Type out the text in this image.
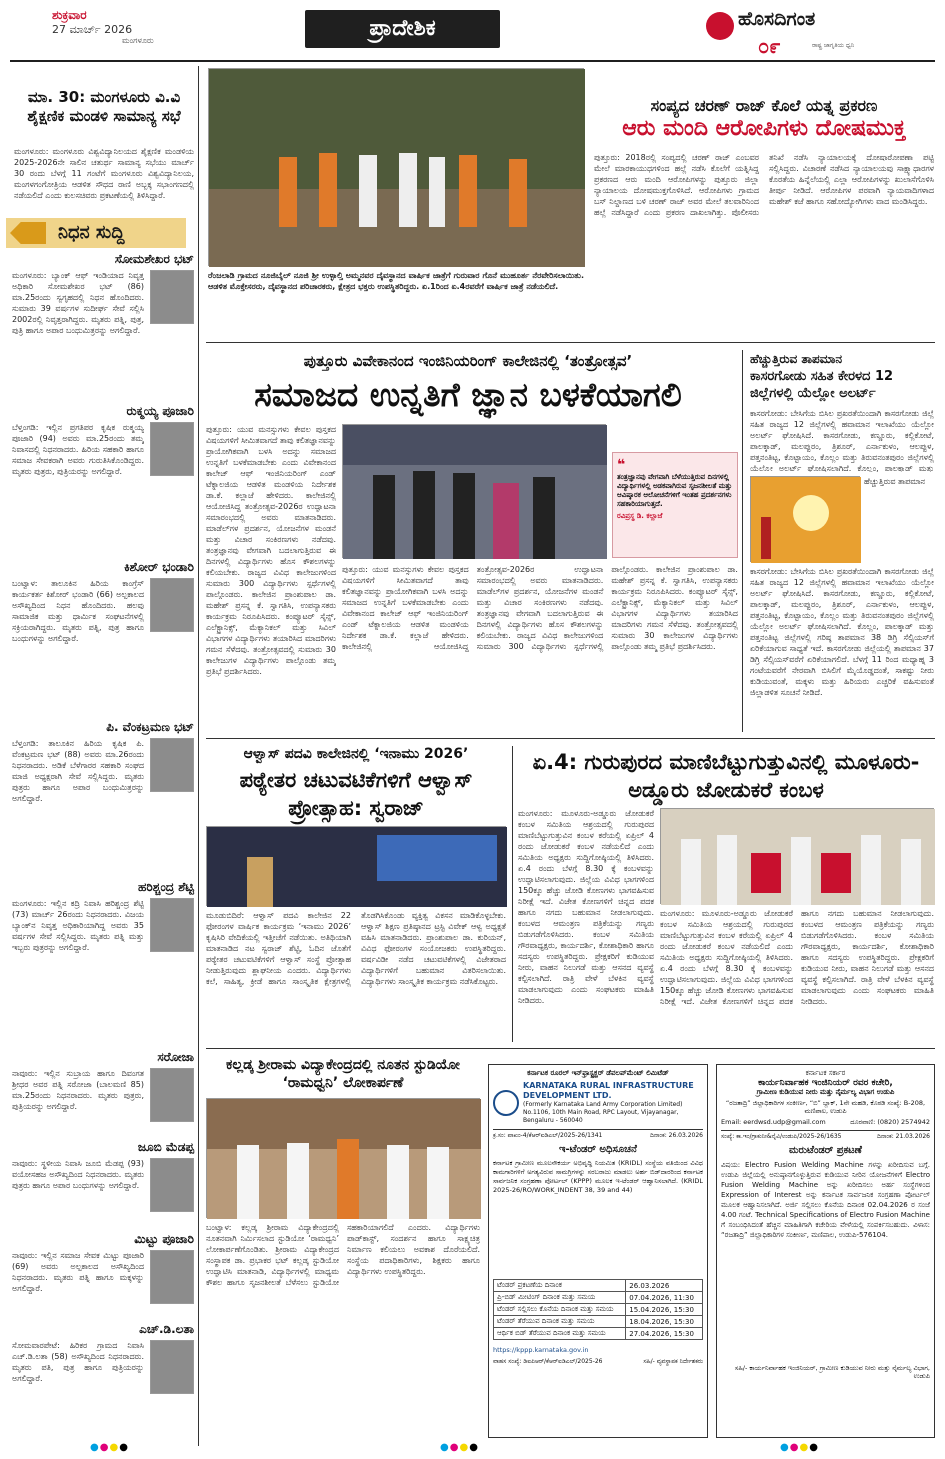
ಶುಕ್ರವಾರ
27 ಮಾರ್ಚ್ 2026
ಮಂಗಳೂರು	ಪ್ರಾದೇಶಿಕ	ಹೊಸದಿಗಂತ
೦೯	ರಾಷ್ಟ್ರ ಜಾಗೃತಿಯ ಧ್ವನಿ
ಮಾ. 30: ಮಂಗಳೂರು ವಿ.ವಿ ಶೈಕ್ಷಣಿಕ ಮಂಡಳಿ ಸಾಮಾನ್ಯ ಸಭೆ
ಮಂಗಳೂರು: ಮಂಗಳೂರು ವಿಶ್ವವಿದ್ಯಾನಿಲಯದ ಶೈಕ್ಷಣಿಕ ಮಂಡಳಿಯ 2025-2026ನೇ ಸಾಲಿನ ಚತುರ್ಥ ಸಾಮಾನ್ಯ ಸಭೆಯು ಮಾರ್ಚ್ 30 ರಂದು ಬೆಳಗ್ಗೆ 11 ಗಂಟೆಗೆ ಮಂಗಳೂರು ವಿಶ್ವವಿದ್ಯಾನಿಲಯ, ಮಂಗಳಗಂಗೋತ್ರಿಯ ಆಡಳಿತ ಸೌಧದ ರಾಣಿ ಅಬ್ಬಕ್ಕ ಸಭಾಂಗಣದಲ್ಲಿ ನಡೆಯಲಿದೆ ಎಂದು ಕುಲಸಚಿವರು ಪ್ರಕಟಣೆಯಲ್ಲಿ ತಿಳಿಸಿದ್ದಾರೆ.
ನಿಧನ ಸುದ್ದಿ
ಸೋಮಶೇಖರ ಭಟ್
ಮಂಗಳೂರು: ಬ್ಯಾಂಕ್ ಆಫ್ ಇಂಡಿಯಾದ ನಿವೃತ್ತ ಅಧಿಕಾರಿ ಸೋಮಶೇಖರ ಭಟ್ (86) ಮಾ.25ರಂದು ಸ್ವಗೃಹದಲ್ಲಿ ನಿಧನ ಹೊಂದಿದರು. ಸುಮಾರು 39 ವರ್ಷಗಳ ಸುದೀರ್ಘ ಸೇವೆ ಸಲ್ಲಿಸಿ 2002ರಲ್ಲಿ ನಿವೃತ್ತರಾಗಿದ್ದರು. ಮೃತರು ಪತ್ನಿ, ಪುತ್ರ, ಪುತ್ರಿ ಹಾಗೂ ಅಪಾರ ಬಂಧುಮಿತ್ರರನ್ನು ಅಗಲಿದ್ದಾರೆ.
ರುಕ್ಮಯ್ಯ ಪೂಜಾರಿ
ಬೆಳ್ತಂಗಡಿ: ಇಲ್ಲಿನ ಪ್ರಗತಿಪರ ಕೃಷಿಕ ರುಕ್ಮಯ್ಯ ಪೂಜಾರಿ (94) ಅವರು ಮಾ.25ರಂದು ತಮ್ಮ ನಿವಾಸದಲ್ಲಿ ನಿಧನರಾದರು. ಹಿರಿಯ ಸಹಕಾರಿ ಹಾಗೂ ಸಮಾಜ ಸೇವಕರಾಗಿ ಅವರು ಗುರುತಿಸಿಕೊಂಡಿದ್ದರು. ಮೃತರು ಪುತ್ರರು, ಪುತ್ರಿಯರನ್ನು ಅಗಲಿದ್ದಾರೆ.
ಕಿಶೋರ್ ಭಂಡಾರಿ
ಬಂಟ್ವಾಳ: ತಾಲೂಕಿನ ಹಿರಿಯ ಕಾಂಗ್ರೆಸ್ ಕಾರ್ಯಕರ್ತ ಕಿಶೋರ್ ಭಂಡಾರಿ (66) ಅಲ್ಪಕಾಲದ ಅಸೌಖ್ಯದಿಂದ ನಿಧನ ಹೊಂದಿದರು. ಹಲವು ಸಾಮಾಜಿಕ ಮತ್ತು ಧಾರ್ಮಿಕ ಸಂಘಟನೆಗಳಲ್ಲಿ ಸಕ್ರಿಯರಾಗಿದ್ದರು. ಮೃತರು ಪತ್ನಿ, ಪುತ್ರ ಹಾಗೂ ಬಂಧುಗಳನ್ನು ಅಗಲಿದ್ದಾರೆ.
ಪಿ. ವೆಂಕಟ್ರಮಣ ಭಟ್
ಬೆಳ್ತಂಗಡಿ: ತಾಲೂಕಿನ ಹಿರಿಯ ಕೃಷಿಕ ಪಿ. ವೆಂಕಟ್ರಮಣ ಭಟ್ (88) ಅವರು ಮಾ.26ರಂದು ನಿಧನರಾದರು. ಅಡಿಕೆ ಬೆಳೆಗಾರರ ಸಹಕಾರಿ ಸಂಘದ ಮಾಜಿ ಅಧ್ಯಕ್ಷರಾಗಿ ಸೇವೆ ಸಲ್ಲಿಸಿದ್ದರು. ಮೃತರು ಪುತ್ರರು ಹಾಗೂ ಅಪಾರ ಬಂಧುಮಿತ್ರರನ್ನು ಅಗಲಿದ್ದಾರೆ.
ಹರಿಶ್ಚಂದ್ರ ಶೆಟ್ಟಿ
ಮಂಗಳೂರು: ಇಲ್ಲಿನ ಕದ್ರಿ ನಿವಾಸಿ ಹರಿಶ್ಚಂದ್ರ ಶೆಟ್ಟಿ (73) ಮಾರ್ಚ್ 26ರಂದು ನಿಧನರಾದರು. ವಿಜಯ ಬ್ಯಾಂಕ್‌ನ ನಿವೃತ್ತ ಅಧಿಕಾರಿಯಾಗಿದ್ದ ಅವರು 35 ವರ್ಷಗಳ ಸೇವೆ ಸಲ್ಲಿಸಿದ್ದರು. ಮೃತರು ಪತ್ನಿ ಮತ್ತು ಇಬ್ಬರು ಪುತ್ರರನ್ನು ಅಗಲಿದ್ದಾರೆ.
ಸರೋಜಾ
ನಾವೂರು: ಇಲ್ಲಿನ ಸುಬ್ರಾಯ ಹಾಗೂ ದಿವಂಗತ ಶ್ರೀಧರ ಅವರ ಪತ್ನಿ ಸರೋಜಾ (ಬಾಲಮಣಿ 85) ಮಾ.25ರಂದು ನಿಧನರಾದರು. ಮೃತರು ಪುತ್ರರು, ಪುತ್ರಿಯರನ್ನು ಅಗಲಿದ್ದಾರೆ.
ಜೂಬಿ ಮೆಡಪ್ಪ
ನಾವೂರು: ಸ್ಥಳೀಯ ನಿವಾಸಿ ಜೂಬಿ ಮೆಡಪ್ಪ (93) ವಯೋಸಹಜ ಅಸೌಖ್ಯದಿಂದ ನಿಧನರಾದರು. ಮೃತರು ಪುತ್ರರು ಹಾಗೂ ಅಪಾರ ಬಂಧುಗಳನ್ನು ಅಗಲಿದ್ದಾರೆ.
ಮಿಟ್ಟು ಪೂಜಾರಿ
ನಾವೂರು: ಇಲ್ಲಿನ ಸಮಾಜ ಸೇವಕ ಮಿಟ್ಟು ಪೂಜಾರಿ (69) ಅವರು ಅಲ್ಪಕಾಲದ ಅಸೌಖ್ಯದಿಂದ ನಿಧನರಾದರು. ಮೃತರು ಪತ್ನಿ ಹಾಗೂ ಮಕ್ಕಳನ್ನು ಅಗಲಿದ್ದಾರೆ.
ಎಚ್.ಡಿ.ಲತಾ
ಸೋಮವಾರಪೇಟೆ: ಹಿರಿಕರ ಗ್ರಾಮದ ನಿವಾಸಿ ಎಚ್.ಡಿ.ಲತಾ (58) ಅಸೌಖ್ಯದಿಂದ ನಿಧನರಾದರು. ಮೃತರು ಪತಿ, ಪುತ್ರ ಹಾಗೂ ಪುತ್ರಿಯರನ್ನು ಅಗಲಿದ್ದಾರೆ.
ರೆಂಜಲಾಡಿ ಗ್ರಾಮದ ನೂಜಿಬೈಲ್ ನೂಜಿ ಶ್ರೀ ಉಳ್ಳಾಲ್ತಿ ಅಮ್ಮನವರ ದೈವಸ್ಥಾನದ ವಾರ್ಷಿಕ ಜಾತ್ರೆಗೆ ಗುರುವಾರ ಗೊನೆ ಮುಹೂರ್ತ ನೆರವೇರಿಸಲಾಯಿತು. ಆಡಳಿತ ಮೊಕ್ತೇಸರರು, ದೈವಸ್ಥಾನದ ಪರಿಚಾರಕರು, ಕ್ಷೇತ್ರದ ಭಕ್ತರು ಉಪಸ್ಥಿತರಿದ್ದರು. ಏ.1ರಿಂದ ಏ.4ರವರೆಗೆ ವಾರ್ಷಿಕ ಜಾತ್ರೆ ನಡೆಯಲಿದೆ.
ಸಂಪ್ಯದ ಚರಣ್ ರಾಜ್ ಕೊಲೆ ಯತ್ನ ಪ್ರಕರಣ
ಆರು ಮಂದಿ ಆರೋಪಿಗಳು ದೋಷಮುಕ್ತ
ಪುತ್ತೂರು: 2018ರಲ್ಲಿ ಸಂಪ್ಯದಲ್ಲಿ ಚರಣ್ ರಾಜ್ ಎಂಬವರ ಮೇಲೆ ಮಾರಕಾಯುಧಗಳಿಂದ ಹಲ್ಲೆ ನಡೆಸಿ ಕೊಲೆಗೆ ಯತ್ನಿಸಿದ್ದ ಪ್ರಕರಣದ ಆರು ಮಂದಿ ಆರೋಪಿಗಳನ್ನು ಪುತ್ತೂರು ಜಿಲ್ಲಾ ನ್ಯಾಯಾಲಯ ದೋಷಮುಕ್ತಗೊಳಿಸಿದೆ. ಆರೋಪಿಗಳು ಗ್ರಾಮದ ಬಸ್ ನಿಲ್ದಾಣದ ಬಳಿ ಚರಣ್ ರಾಜ್ ಅವರ ಮೇಲೆ ತಲವಾರಿನಿಂದ ಹಲ್ಲೆ ನಡೆಸಿದ್ದಾರೆ ಎಂದು ಪ್ರಕರಣ ದಾಖಲಾಗಿತ್ತು. ಪೊಲೀಸರು ತನಿಖೆ ನಡೆಸಿ ನ್ಯಾಯಾಲಯಕ್ಕೆ ದೋಷಾರೋಪಣಾ ಪಟ್ಟಿ ಸಲ್ಲಿಸಿದ್ದರು. ವಿಚಾರಣೆ ನಡೆಸಿದ ನ್ಯಾಯಾಲಯವು ಸಾಕ್ಷ್ಯಾಧಾರಗಳ ಕೊರತೆಯ ಹಿನ್ನೆಲೆಯಲ್ಲಿ ಎಲ್ಲಾ ಆರೋಪಿಗಳನ್ನು ಖುಲಾಸೆಗೊಳಿಸಿ ತೀರ್ಪು ನೀಡಿದೆ. ಆರೋಪಿಗಳ ಪರವಾಗಿ ನ್ಯಾಯವಾದಿಗಳಾದ ಮಹೇಶ್ ಕಜೆ ಹಾಗೂ ಸಹೋದ್ಯೋಗಿಗಳು ವಾದ ಮಂಡಿಸಿದ್ದರು.
ಪುತ್ತೂರು ವಿವೇಕಾನಂದ ಇಂಜಿನಿಯರಿಂಗ್ ಕಾಲೇಜಿನಲ್ಲಿ ‘ತಂತ್ರೋತ್ಸವ’
ಸಮಾಜದ ಉನ್ನತಿಗೆ ಜ್ಞಾನ ಬಳಕೆಯಾಗಲಿ
ಪುತ್ತೂರು: ಯುವ ಮನಸ್ಸುಗಳು ಕೇವಲ ಪುಸ್ತಕದ ವಿಷಯಗಳಿಗೆ ಸೀಮಿತವಾಗದೆ ತಾವು ಕಲಿತಜ್ಞಾನವನ್ನು ಪ್ರಾಯೋಗಿಕವಾಗಿ ಬಳಸಿ ಅದನ್ನು ಸಮಾಜದ ಉನ್ನತಿಗೆ ಬಳಕೆಮಾಡಬೇಕು ಎಂದು ವಿವೇಕಾನಂದ ಕಾಲೇಜ್ ಆಫ್ ಇಂಜಿನಿಯರಿಂಗ್ ಎಂಡ್ ಟೆಕ್ನಾಲಜಿಯ ಆಡಳಿತ ಮಂಡಳಿಯ ನಿರ್ದೇಶಕ ಡಾ.ಕೆ. ಕಲ್ಲಾಜೆ ಹೇಳಿದರು. ಕಾಲೇಜಿನಲ್ಲಿ ಆಯೋಜಿಸಿದ್ದ ತಂತ್ರೋತ್ಸವ-2026ರ ಉದ್ಘಾಟನಾ ಸಮಾರಂಭದಲ್ಲಿ ಅವರು ಮಾತನಾಡಿದರು. ಮಾಡೆಲ್‌ಗಳ ಪ್ರದರ್ಶನ, ಯೋಜನೆಗಳ ಮಂಡನೆ ಮತ್ತು ವಿಚಾರ ಸಂಕಿರಣಗಳು ನಡೆದವು. ತಂತ್ರಜ್ಞಾನವು ವೇಗವಾಗಿ ಬದಲಾಗುತ್ತಿರುವ ಈ ದಿನಗಳಲ್ಲಿ ವಿದ್ಯಾರ್ಥಿಗಳು ಹೊಸ ಕೌಶಲಗಳನ್ನು ಕಲಿಯಬೇಕು. ರಾಜ್ಯದ ವಿವಿಧ ಕಾಲೇಜುಗಳಿಂದ ಸುಮಾರು 300 ವಿದ್ಯಾರ್ಥಿಗಳು ಸ್ಪರ್ಧೆಗಳಲ್ಲಿ ಪಾಲ್ಗೊಂಡರು. ಕಾಲೇಜಿನ ಪ್ರಾಂಶುಪಾಲ ಡಾ. ಮಹೇಶ್ ಪ್ರಸನ್ನ ಕೆ. ಸ್ವಾಗತಿಸಿ, ಉಪನ್ಯಾಸಕರು ಕಾರ್ಯಕ್ರಮ ನಿರೂಪಿಸಿದರು. ಕಂಪ್ಯೂಟರ್ ಸೈನ್ಸ್, ಎಲೆಕ್ಟ್ರಾನಿಕ್ಸ್, ಮೆಕ್ಯಾನಿಕಲ್ ಮತ್ತು ಸಿವಿಲ್ ವಿಭಾಗಗಳ ವಿದ್ಯಾರ್ಥಿಗಳು ತಯಾರಿಸಿದ ಮಾದರಿಗಳು ಗಮನ ಸೆಳೆದವು. ತಂತ್ರೋತ್ಸವದಲ್ಲಿ ಸುಮಾರು 30 ಕಾಲೇಜುಗಳ ವಿದ್ಯಾರ್ಥಿಗಳು ಪಾಲ್ಗೊಂಡು ತಮ್ಮ ಪ್ರತಿಭೆ ಪ್ರದರ್ಶಿಸಿದರು.
❝
ತಂತ್ರಜ್ಞಾನವು ವೇಗವಾಗಿ ಬೆಳೆಯುತ್ತಿರುವ ದಿನಗಳಲ್ಲಿ ವಿದ್ಯಾರ್ಥಿಗಳಲ್ಲಿ ಅಡಕವಾಗಿರುವ ಸೃಜನಶೀಲತೆ ಮತ್ತು ಆವಿಷ್ಕಾರಕ ಆಲೋಚನೆಗಳಿಗೆ ಇಂತಹ ಪ್ರದರ್ಶನಗಳು ಸಹಕಾರಿಯಾಗುತ್ತದೆ.
ರವಿಪ್ರಸ್ಥ ಡಿ. ಕಲ್ಲಾಜೆ
ಪುತ್ತೂರು: ಯುವ ಮನಸ್ಸುಗಳು ಕೇವಲ ಪುಸ್ತಕದ ವಿಷಯಗಳಿಗೆ ಸೀಮಿತವಾಗದೆ ತಾವು ಕಲಿತಜ್ಞಾನವನ್ನು ಪ್ರಾಯೋಗಿಕವಾಗಿ ಬಳಸಿ ಅದನ್ನು ಸಮಾಜದ ಉನ್ನತಿಗೆ ಬಳಕೆಮಾಡಬೇಕು ಎಂದು ವಿವೇಕಾನಂದ ಕಾಲೇಜ್ ಆಫ್ ಇಂಜಿನಿಯರಿಂಗ್ ಎಂಡ್ ಟೆಕ್ನಾಲಜಿಯ ಆಡಳಿತ ಮಂಡಳಿಯ ನಿರ್ದೇಶಕ ಡಾ.ಕೆ. ಕಲ್ಲಾಜೆ ಹೇಳಿದರು. ಕಾಲೇಜಿನಲ್ಲಿ ಆಯೋಜಿಸಿದ್ದ ತಂತ್ರೋತ್ಸವ-2026ರ ಉದ್ಘಾಟನಾ ಸಮಾರಂಭದಲ್ಲಿ ಅವರು ಮಾತನಾಡಿದರು. ಮಾಡೆಲ್‌ಗಳ ಪ್ರದರ್ಶನ, ಯೋಜನೆಗಳ ಮಂಡನೆ ಮತ್ತು ವಿಚಾರ ಸಂಕಿರಣಗಳು ನಡೆದವು. ತಂತ್ರಜ್ಞಾನವು ವೇಗವಾಗಿ ಬದಲಾಗುತ್ತಿರುವ ಈ ದಿನಗಳಲ್ಲಿ ವಿದ್ಯಾರ್ಥಿಗಳು ಹೊಸ ಕೌಶಲಗಳನ್ನು ಕಲಿಯಬೇಕು. ರಾಜ್ಯದ ವಿವಿಧ ಕಾಲೇಜುಗಳಿಂದ ಸುಮಾರು 300 ವಿದ್ಯಾರ್ಥಿಗಳು ಸ್ಪರ್ಧೆಗಳಲ್ಲಿ ಪಾಲ್ಗೊಂಡರು. ಕಾಲೇಜಿನ ಪ್ರಾಂಶುಪಾಲ ಡಾ. ಮಹೇಶ್ ಪ್ರಸನ್ನ ಕೆ. ಸ್ವಾಗತಿಸಿ, ಉಪನ್ಯಾಸಕರು ಕಾರ್ಯಕ್ರಮ ನಿರೂಪಿಸಿದರು. ಕಂಪ್ಯೂಟರ್ ಸೈನ್ಸ್, ಎಲೆಕ್ಟ್ರಾನಿಕ್ಸ್, ಮೆಕ್ಯಾನಿಕಲ್ ಮತ್ತು ಸಿವಿಲ್ ವಿಭಾಗಗಳ ವಿದ್ಯಾರ್ಥಿಗಳು ತಯಾರಿಸಿದ ಮಾದರಿಗಳು ಗಮನ ಸೆಳೆದವು. ತಂತ್ರೋತ್ಸವದಲ್ಲಿ ಸುಮಾರು 30 ಕಾಲೇಜುಗಳ ವಿದ್ಯಾರ್ಥಿಗಳು ಪಾಲ್ಗೊಂಡು ತಮ್ಮ ಪ್ರತಿಭೆ ಪ್ರದರ್ಶಿಸಿದರು.
ಹೆಚ್ಚುತ್ತಿರುವ ತಾಪಮಾನ
ಕಾಸರಗೋಡು ಸಹಿತ ಕೇರಳದ 12 ಜಿಲ್ಲೆಗಳಲ್ಲಿ ಯೆಲ್ಲೋ ಅಲರ್ಟ್
ಕಾಸರಗೋಡು: ಬೇಸಿಗೆಯ ಬಿಸಿಲ ಪ್ರಖರತೆಯಿಂದಾಗಿ ಕಾಸರಗೋಡು ಜಿಲ್ಲೆ ಸಹಿತ ರಾಜ್ಯದ 12 ಜಿಲ್ಲೆಗಳಲ್ಲಿ ಹವಾಮಾನ ಇಲಾಖೆಯು ಯೆಲ್ಲೋ ಅಲರ್ಟ್ ಘೋಷಿಸಿದೆ. ಕಾಸರಗೋಡು, ಕಣ್ಣೂರು, ಕಲ್ಲಿಕೋಟೆ, ಪಾಲಕ್ಕಾಡ್, ಮಲಪ್ಪುರಂ, ತ್ರಿಶೂರ್, ಎರ್ನಾಕುಳಂ, ಆಲಪ್ಪುಳ, ಪತ್ತನಂತಿಟ್ಟ, ಕೊಟ್ಟಾಯಂ, ಕೊಲ್ಲಂ ಮತ್ತು ತಿರುವನಂತಪುರಂ ಜಿಲ್ಲೆಗಳಲ್ಲಿ ಯೆಲ್ಲೋ ಅಲರ್ಟ್ ಘೋಷಿಸಲಾಗಿದೆ. ಕೊಲ್ಲಂ, ಪಾಲಕ್ಕಾಡ್ ಮತ್ತು
ಹೆಚ್ಚುತ್ತಿರುವ ತಾಪಮಾನ
ಕಾಸರಗೋಡು: ಬೇಸಿಗೆಯ ಬಿಸಿಲ ಪ್ರಖರತೆಯಿಂದಾಗಿ ಕಾಸರಗೋಡು ಜಿಲ್ಲೆ ಸಹಿತ ರಾಜ್ಯದ 12 ಜಿಲ್ಲೆಗಳಲ್ಲಿ ಹವಾಮಾನ ಇಲಾಖೆಯು ಯೆಲ್ಲೋ ಅಲರ್ಟ್ ಘೋಷಿಸಿದೆ. ಕಾಸರಗೋಡು, ಕಣ್ಣೂರು, ಕಲ್ಲಿಕೋಟೆ, ಪಾಲಕ್ಕಾಡ್, ಮಲಪ್ಪುರಂ, ತ್ರಿಶೂರ್, ಎರ್ನಾಕುಳಂ, ಆಲಪ್ಪುಳ, ಪತ್ತನಂತಿಟ್ಟ, ಕೊಟ್ಟಾಯಂ, ಕೊಲ್ಲಂ ಮತ್ತು ತಿರುವನಂತಪುರಂ ಜಿಲ್ಲೆಗಳಲ್ಲಿ ಯೆಲ್ಲೋ ಅಲರ್ಟ್ ಘೋಷಿಸಲಾಗಿದೆ. ಕೊಲ್ಲಂ, ಪಾಲಕ್ಕಾಡ್ ಮತ್ತು ಪತ್ತನಂತಿಟ್ಟ ಜಿಲ್ಲೆಗಳಲ್ಲಿ ಗರಿಷ್ಠ ತಾಪಮಾನ 38 ಡಿಗ್ರಿ ಸೆಲ್ಸಿಯಸ್‌ಗೆ ಏರಿಕೆಯಾಗುವ ಸಾಧ್ಯತೆ ಇದೆ. ಕಾಸರಗೋಡು ಜಿಲ್ಲೆಯಲ್ಲಿ ತಾಪಮಾನ 37 ಡಿಗ್ರಿ ಸೆಲ್ಸಿಯಸ್‌ವರೆಗೆ ಏರಿಕೆಯಾಗಲಿದೆ. ಬೆಳಗ್ಗೆ 11 ರಿಂದ ಮಧ್ಯಾಹ್ನ 3 ಗಂಟೆಯವರೆಗೆ ನೇರವಾಗಿ ಬಿಸಿಲಿಗೆ ಮೈಯೊಡ್ಡದಂತೆ, ಸಾಕಷ್ಟು ನೀರು ಕುಡಿಯುವಂತೆ, ಮಕ್ಕಳು ಮತ್ತು ಹಿರಿಯರು ಎಚ್ಚರಿಕೆ ವಹಿಸುವಂತೆ ಜಿಲ್ಲಾಡಳಿತ ಸೂಚನೆ ನೀಡಿದೆ.
ಆಳ್ವಾಸ್ ಪದವಿ ಕಾಲೇಜಿನಲ್ಲಿ ‘ಇನಾಮು 2026’
ಪಠ್ಯೇತರ ಚಟುವಟಿಕೆಗಳಿಗೆ ಆಳ್ವಾಸ್ ಪ್ರೋತ್ಸಾಹ: ಸ್ವರಾಜ್
ಮೂಡುಬಿದಿರೆ: ಆಳ್ವಾಸ್ ಪದವಿ ಕಾಲೇಜಿನ 22 ಫೋರಂಗಳ ವಾರ್ಷಿಕ ಕಾರ್ಯಕ್ರಮ ‘ಇನಾಮು 2026’ ಕೃಷಿಸಿರಿ ವೇದಿಕೆಯಲ್ಲಿ ಇತ್ತೀಚೆಗೆ ನಡೆಯಿತು. ಅತಿಥಿಯಾಗಿ ಮಾತನಾಡಿದ ನಟ ಸ್ವರಾಜ್ ಶೆಟ್ಟಿ, ಓದಿನ ಜೊತೆಗೆ ಪಠ್ಯೇತರ ಚಟುವಟಿಕೆಗಳಿಗೆ ಆಳ್ವಾಸ್ ಸಂಸ್ಥೆ ಪ್ರೋತ್ಸಾಹ ನೀಡುತ್ತಿರುವುದು ಶ್ಲಾಘನೀಯ ಎಂದರು. ವಿದ್ಯಾರ್ಥಿಗಳು ಕಲೆ, ಸಾಹಿತ್ಯ, ಕ್ರೀಡೆ ಹಾಗೂ ಸಾಂಸ್ಕೃತಿಕ ಕ್ಷೇತ್ರಗಳಲ್ಲಿ ತೊಡಗಿಸಿಕೊಂಡು ವ್ಯಕ್ತಿತ್ವ ವಿಕಸನ ಮಾಡಿಕೊಳ್ಳಬೇಕು. ಆಳ್ವಾಸ್ ಶಿಕ್ಷಣ ಪ್ರತಿಷ್ಠಾನದ ಟ್ರಸ್ಟಿ ವಿವೇಕ್ ಆಳ್ವ ಅಧ್ಯಕ್ಷತೆ ವಹಿಸಿ ಮಾತನಾಡಿದರು. ಪ್ರಾಂಶುಪಾಲ ಡಾ. ಕುರಿಯನ್, ವಿವಿಧ ಫೋರಂಗಳ ಸಂಯೋಜಕರು ಉಪಸ್ಥಿತರಿದ್ದರು. ವರ್ಷವಿಡೀ ನಡೆದ ಚಟುವಟಿಕೆಗಳಲ್ಲಿ ವಿಜೇತರಾದ ವಿದ್ಯಾರ್ಥಿಗಳಿಗೆ ಬಹುಮಾನ ವಿತರಿಸಲಾಯಿತು. ವಿದ್ಯಾರ್ಥಿಗಳು ಸಾಂಸ್ಕೃತಿಕ ಕಾರ್ಯಕ್ರಮ ನಡೆಸಿಕೊಟ್ಟರು.
ಏ.4: ಗುರುಪುರದ ಮಾಣಿಬೆಟ್ಟುಗುತ್ತುವಿನಲ್ಲಿ ಮೂಳೂರು-ಅಡ್ಡೂರು ಜೋಡುಕರೆ ಕಂಬಳ
ಮಂಗಳೂರು: ಮೂಳೂರು-ಅಡ್ಡೂರು ಜೋಡುಕರೆ ಕಂಬಳ ಸಮಿತಿಯ ಆಶ್ರಯದಲ್ಲಿ ಗುರುಪುರದ ಮಾಣಿಬೆಟ್ಟುಗುತ್ತುವಿನ ಕಂಬಳ ಕರೆಯಲ್ಲಿ ಏಪ್ರಿಲ್ 4 ರಂದು ಜೋಡುಕರೆ ಕಂಬಳ ನಡೆಯಲಿದೆ ಎಂದು ಸಮಿತಿಯ ಅಧ್ಯಕ್ಷರು ಸುದ್ದಿಗೋಷ್ಠಿಯಲ್ಲಿ ತಿಳಿಸಿದರು. ಏ.4 ರಂದು ಬೆಳಗ್ಗೆ 8.30 ಕ್ಕೆ ಕಂಬಳವನ್ನು ಉದ್ಘಾಟಿಸಲಾಗುವುದು. ಜಿಲ್ಲೆಯ ವಿವಿಧ ಭಾಗಗಳಿಂದ 150ಕ್ಕೂ ಹೆಚ್ಚು ಜೋಡಿ ಕೋಣಗಳು ಭಾಗವಹಿಸುವ ನಿರೀಕ್ಷೆ ಇದೆ. ವಿಜೇತ ಕೋಣಗಳಿಗೆ ಚಿನ್ನದ ಪದಕ ಹಾಗೂ ನಗದು ಬಹುಮಾನ ನೀಡಲಾಗುವುದು. ಕಂಬಳದ ಆಮಂತ್ರಣ ಪತ್ರಿಕೆಯನ್ನು ಗಣ್ಯರು ಬಿಡುಗಡೆಗೊಳಿಸಿದರು. ಕಂಬಳ ಸಮಿತಿಯ ಗೌರವಾಧ್ಯಕ್ಷರು, ಕಾರ್ಯದರ್ಶಿ, ಕೋಶಾಧಿಕಾರಿ ಹಾಗೂ ಸದಸ್ಯರು ಉಪಸ್ಥಿತರಿದ್ದರು. ಪ್ರೇಕ್ಷಕರಿಗೆ ಕುಡಿಯುವ ನೀರು, ವಾಹನ ನಿಲುಗಡೆ ಮತ್ತು ಆಸನದ ವ್ಯವಸ್ಥೆ ಕಲ್ಪಿಸಲಾಗಿದೆ. ರಾತ್ರಿ ವೇಳೆ ಬೆಳಕಿನ ವ್ಯವಸ್ಥೆ ಮಾಡಲಾಗುವುದು ಎಂದು ಸಂಘಟಕರು ಮಾಹಿತಿ ನೀಡಿದರು.
ಮಂಗಳೂರು: ಮೂಳೂರು-ಅಡ್ಡೂರು ಜೋಡುಕರೆ ಕಂಬಳ ಸಮಿತಿಯ ಆಶ್ರಯದಲ್ಲಿ ಗುರುಪುರದ ಮಾಣಿಬೆಟ್ಟುಗುತ್ತುವಿನ ಕಂಬಳ ಕರೆಯಲ್ಲಿ ಏಪ್ರಿಲ್ 4 ರಂದು ಜೋಡುಕರೆ ಕಂಬಳ ನಡೆಯಲಿದೆ ಎಂದು ಸಮಿತಿಯ ಅಧ್ಯಕ್ಷರು ಸುದ್ದಿಗೋಷ್ಠಿಯಲ್ಲಿ ತಿಳಿಸಿದರು. ಏ.4 ರಂದು ಬೆಳಗ್ಗೆ 8.30 ಕ್ಕೆ ಕಂಬಳವನ್ನು ಉದ್ಘಾಟಿಸಲಾಗುವುದು. ಜಿಲ್ಲೆಯ ವಿವಿಧ ಭಾಗಗಳಿಂದ 150ಕ್ಕೂ ಹೆಚ್ಚು ಜೋಡಿ ಕೋಣಗಳು ಭಾಗವಹಿಸುವ ನಿರೀಕ್ಷೆ ಇದೆ. ವಿಜೇತ ಕೋಣಗಳಿಗೆ ಚಿನ್ನದ ಪದಕ ಹಾಗೂ ನಗದು ಬಹುಮಾನ ನೀಡಲಾಗುವುದು. ಕಂಬಳದ ಆಮಂತ್ರಣ ಪತ್ರಿಕೆಯನ್ನು ಗಣ್ಯರು ಬಿಡುಗಡೆಗೊಳಿಸಿದರು. ಕಂಬಳ ಸಮಿತಿಯ ಗೌರವಾಧ್ಯಕ್ಷರು, ಕಾರ್ಯದರ್ಶಿ, ಕೋಶಾಧಿಕಾರಿ ಹಾಗೂ ಸದಸ್ಯರು ಉಪಸ್ಥಿತರಿದ್ದರು. ಪ್ರೇಕ್ಷಕರಿಗೆ ಕುಡಿಯುವ ನೀರು, ವಾಹನ ನಿಲುಗಡೆ ಮತ್ತು ಆಸನದ ವ್ಯವಸ್ಥೆ ಕಲ್ಪಿಸಲಾಗಿದೆ. ರಾತ್ರಿ ವೇಳೆ ಬೆಳಕಿನ ವ್ಯವಸ್ಥೆ ಮಾಡಲಾಗುವುದು ಎಂದು ಸಂಘಟಕರು ಮಾಹಿತಿ ನೀಡಿದರು.
ಕಲ್ಲಡ್ಕ ಶ್ರೀರಾಮ ವಿದ್ಯಾಕೇಂದ್ರದಲ್ಲಿ ನೂತನ ಸ್ಟುಡಿಯೋ ‘ರಾಮಧ್ವನಿ’ ಲೋಕಾರ್ಪಣೆ
ಬಂಟ್ವಾಳ: ಕಲ್ಲಡ್ಕ ಶ್ರೀರಾಮ ವಿದ್ಯಾಕೇಂದ್ರದಲ್ಲಿ ನೂತನವಾಗಿ ನಿರ್ಮಿಸಲಾದ ಸ್ಟುಡಿಯೋ ‘ರಾಮಧ್ವನಿ’ ಲೋಕಾರ್ಪಣೆಗೊಂಡಿತು. ಶ್ರೀರಾಮ ವಿದ್ಯಾಕೇಂದ್ರದ ಸಂಸ್ಥಾಪಕ ಡಾ. ಪ್ರಭಾಕರ ಭಟ್ ಕಲ್ಲಡ್ಕ ಸ್ಟುಡಿಯೋ ಉದ್ಘಾಟಿಸಿ ಮಾತನಾಡಿ, ವಿದ್ಯಾರ್ಥಿಗಳಲ್ಲಿ ಮಾಧ್ಯಮ ಕೌಶಲ ಹಾಗೂ ಸೃಜನಶೀಲತೆ ಬೆಳೆಸಲು ಸ್ಟುಡಿಯೋ ಸಹಕಾರಿಯಾಗಲಿದೆ ಎಂದರು. ವಿದ್ಯಾರ್ಥಿಗಳು ಪಾಡ್‌ಕಾಸ್ಟ್, ಸಂದರ್ಶನ ಹಾಗೂ ಸಾಕ್ಷ್ಯಚಿತ್ರ ನಿರ್ಮಾಣ ಕಲಿಯಲು ಅವಕಾಶ ದೊರೆಯಲಿದೆ. ಸಂಸ್ಥೆಯ ಪದಾಧಿಕಾರಿಗಳು, ಶಿಕ್ಷಕರು ಹಾಗೂ ವಿದ್ಯಾರ್ಥಿಗಳು ಉಪಸ್ಥಿತರಿದ್ದರು.
ಕರ್ನಾಟಕ ರೂರಲ್ ಇನ್‌ಫ್ರಾಸ್ಟ್ರಕ್ಚರ್ ಡೆವಲಪ್‌ಮೆಂಟ್ ಲಿಮಿಟೆಡ್
KARNATAKA RURAL INFRASTRUCTURE DEVELOPMENT LTD.
(Formerly Karnataka Land Army Corporation Limited)
No.1106, 10th Main Road, RPC Layout, Vijayanagar, Bengaluru - 560040
ಕ್ರ.ಸಂ: ಪಾಖಂ-4/ಕೆಆರ್‌ಐಡಿಎಲ್/2025-26/1341	ದಿನಾಂಕ: 26.03.2026
ಇ-ಟೆಂಡರ್ ಅಧಿಸೂಚನೆ
ಕರ್ನಾಟಕ ಗ್ರಾಮೀಣ ಮೂಲಸೌಕರ್ಯ ಅಭಿವೃದ್ಧಿ ನಿಯಮಿತ (KRIDL) ಸಂಸ್ಥೆಯ ವತಿಯಿಂದ ವಿವಿಧ ಕಾಮಗಾರಿಗಳಿಗೆ ಅಗತ್ಯವಿರುವ ಸಾಮಗ್ರಿಗಳನ್ನು ಸರಬರಾಜು ಮಾಡಲು ಅರ್ಹ ಬಿಡ್‌ದಾರರಿಂದ ಕರ್ನಾಟಕ ಸಾರ್ವಜನಿಕ ಸಂಗ್ರಹಣಾ ಪೋರ್ಟಲ್ (KPPP) ಮೂಲಕ ಇ-ಟೆಂಡರ್ ಆಹ್ವಾನಿಸಲಾಗಿದೆ. (KRIDL 2025-26/RO/WORK_INDENT 38, 39 and 44)
ಟೆಂಡರ್ ಪ್ರಕಟಣೆಯ ದಿನಾಂಕ	26.03.2026
ಪ್ರಿ-ಬಿಡ್ ಮೀಟಿಂಗ್ ದಿನಾಂಕ ಮತ್ತು ಸಮಯ	07.04.2026, 11:30
ಟೆಂಡರ್ ಸಲ್ಲಿಸಲು ಕೊನೆಯ ದಿನಾಂಕ ಮತ್ತು ಸಮಯ	15.04.2026, 15:30
ಟೆಂಡರ್ ತೆರೆಯುವ ದಿನಾಂಕ ಮತ್ತು ಸಮಯ	18.04.2026, 15:30
ಆರ್ಥಿಕ ಬಿಡ್ ತೆರೆಯುವ ದಿನಾಂಕ ಮತ್ತು ಸಮಯ	27.04.2026, 15:30
https://kppp.karnataka.gov.in
ವಾಹಸ ಸಂಖ್ಯೆ: ಡಿಐಪಿಆರ್/ಕೆಆರ್‌ಐಡಿಎಲ್/2025-26	ಸಹಿ/- ವ್ಯವಸ್ಥಾಪಕ ನಿರ್ದೇಶಕರು
ಕರ್ನಾಟಕ ಸರ್ಕಾರ
ಕಾರ್ಯನಿರ್ವಾಹಕ ಇಂಜಿನಿಯರ್ ರವರ ಕಚೇರಿ,
ಗ್ರಾಮೀಣ ಕುಡಿಯುವ ನೀರು ಮತ್ತು ನೈರ್ಮಲ್ಯ ವಿಭಾಗ ಉಡುಪಿ
“ರಜತಾದ್ರಿ” ಜಿಲ್ಲಾಧಿಕಾರಿಗಳ ಸಂಕೀರ್ಣ, “ಬಿ” ಬ್ಲಾಕ್, 1ನೇ ಮಹಡಿ, ಕೊಠಡಿ ಸಂಖ್ಯೆ: B-208, ಮಣಿಪಾಲ, ಉಡುಪಿ
Email: eerdwsd.udp@gmail.com	ದೂರವಾಣಿ: (0820) 2574942
ಸಂಖ್ಯೆ: ಕಾ.ಇಂ/ಗ್ರಾಕುನೀ&ನೈವಿ/ಉಡುಪಿ/2025-26/1635	ದಿನಾಂಕ: 21.03.2026
ಮರುಟೆಂಡರ್ ಪ್ರಕಟಣೆ
ವಿಷಯ: Electro Fusion Welding Machine ಗಳನ್ನು ಖರೀದಿಸುವ ಬಗ್ಗೆ. ಉಡುಪಿ ಜಿಲ್ಲೆಯಲ್ಲಿ ಅನುಷ್ಠಾನಗೊಳ್ಳುತ್ತಿರುವ ಕುಡಿಯುವ ನೀರಿನ ಯೋಜನೆಗಳಿಗೆ Electro Fusion Welding Machine ಅನ್ನು ಖರೀದಿಸಲು ಅರ್ಹ ಸಂಸ್ಥೆಗಳಿಂದ Expression of Interest ಅನ್ನು ಕರ್ನಾಟಕ ಸಾರ್ವಜನಿಕ ಸಂಗ್ರಹಣಾ ಪೋರ್ಟಲ್ ಮೂಲಕ ಆಹ್ವಾನಿಸಲಾಗಿದೆ. ಅರ್ಜಿ ಸಲ್ಲಿಸಲು ಕೊನೆಯ ದಿನಾಂಕ 02.04.2026 ರ ಸಂಜೆ 4.00 ಗಂಟೆ. Technical Specifications of Electro Fusion Machine ಗೆ ಸಂಬಂಧಿಸಿದಂತೆ ಹೆಚ್ಚಿನ ಮಾಹಿತಿಗಾಗಿ ಕಚೇರಿಯ ವೇಳೆಯಲ್ಲಿ ಸಂಪರ್ಕಿಸಬಹುದು. ವಿಳಾಸ: “ರಜತಾದ್ರಿ” ಜಿಲ್ಲಾಧಿಕಾರಿಗಳ ಸಂಕೀರ್ಣ, ಮಣಿಪಾಲ, ಉಡುಪಿ-576104.
ಸಹಿ/- ಕಾರ್ಯನಿರ್ವಾಹಕ ಇಂಜಿನಿಯರ್, ಗ್ರಾಮೀಣ ಕುಡಿಯುವ ನೀರು ಮತ್ತು ನೈರ್ಮಲ್ಯ ವಿಭಾಗ, ಉಡುಪಿ
●●●●	●●●●	●●●●
